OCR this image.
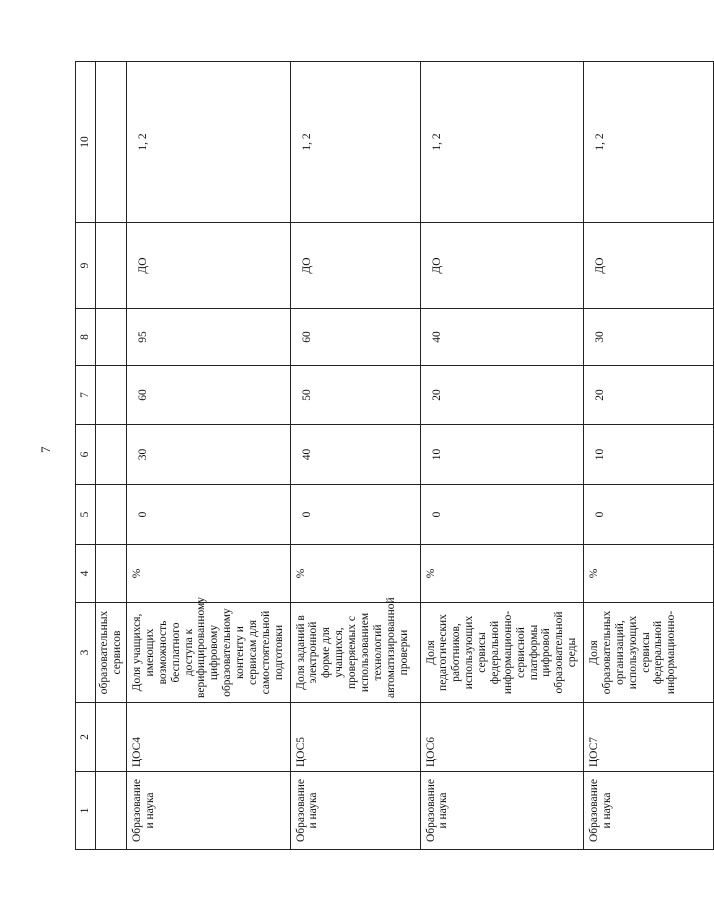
7
1	2	3	4	5	6	7	8	9	10
		образовательных сервисов							
Образование и наука	ЦОС4	Доля учащихся, имеющих возможность бесплатного доступа к верифицированному цифровому образовательному контенту и сервисам для самостоятельной подготовки	%	0	30	60	95	ДО	1, 2
Образование и наука	ЦОС5	Доля заданий в электронной форме для учащихся, проверяемых с использованием технологий автоматизированной проверки	%	0	40	50	60	ДО	1, 2
Образование и наука	ЦОС6	Доля педагогических работников, использующих сервисы федеральной информационно-сервисной платформы цифровой образовательной среды	%	0	10	20	40	ДО	1, 2
Образование и наука	ЦОС7	Доля образовательных организаций, использующих сервисы федеральной информационно-	%	0	10	20	30	ДО	1, 2
